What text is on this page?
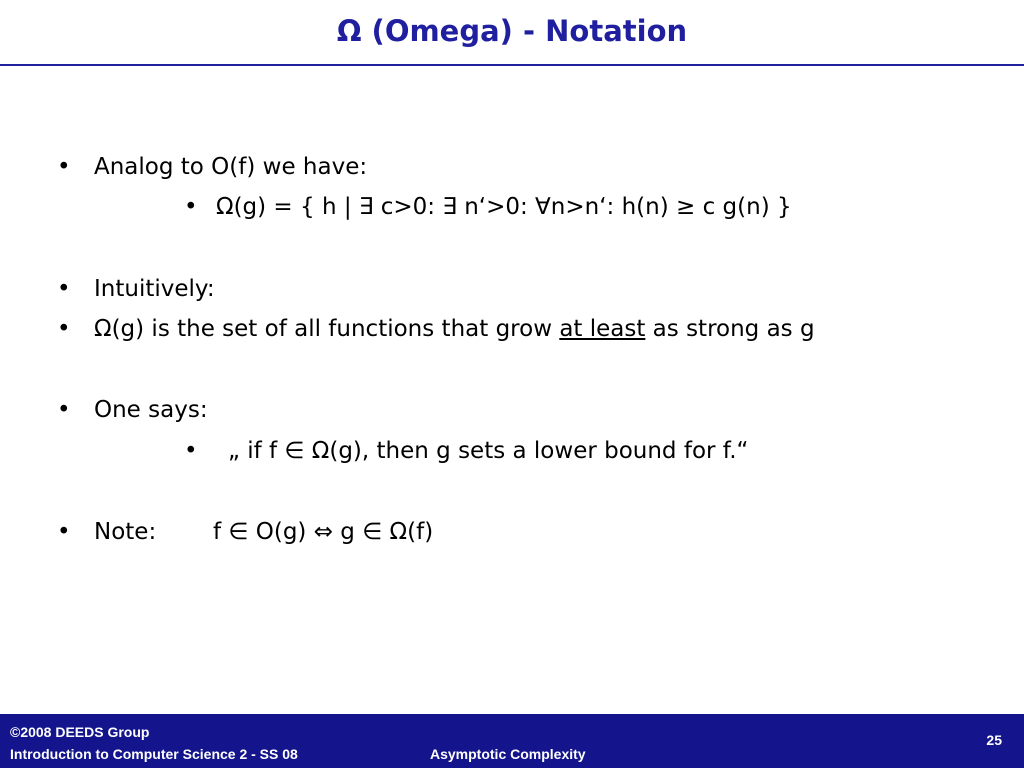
Ω (Omega) - Notation
• Analog to O(f) we have:
• Ω(g) = { h | ∃ c>0: ∃ n‘>0: ∀n>n‘: h(n) ≥ c g(n) }
• Intuitively:
• Ω(g) is the set of all functions that grow at least as strong as g
• One says:
• „ if f ∈ Ω(g), then g sets a lower bound for f.“
• Note: f ∈ O(g) ⇔ g ∈ Ω(f)
©2008 DEEDS Group
Introduction to Computer Science 2 - SS 08	Asymptotic Complexity
25
